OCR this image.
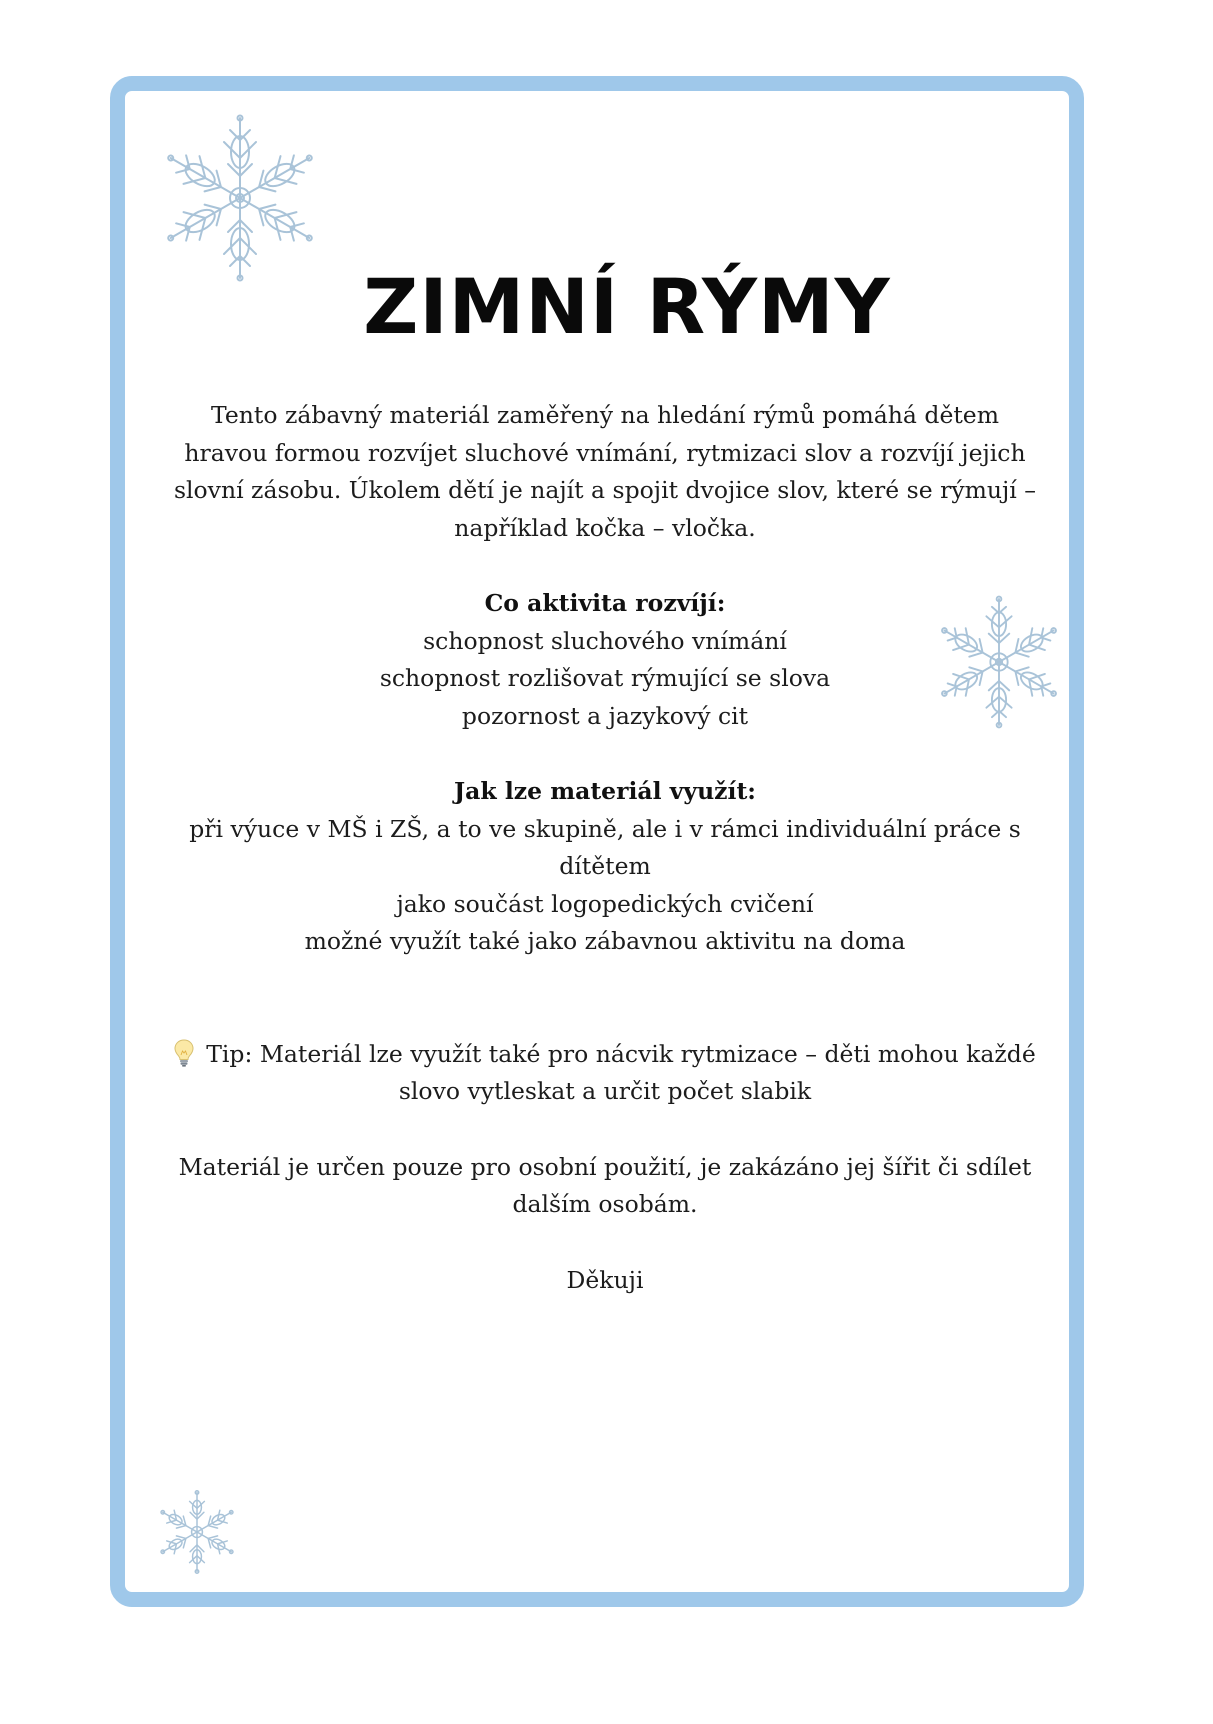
ZIMNÍ RÝMY

Tento zábavný materiál zaměřený na hledání rýmů pomáhá dětem

hravou formou rozvíjet sluchové vnímání, rytmizaci slov a rozvíjí jejich

slovní zásobu. Úkolem dětí je najít a spojit dvojice slov, které se rýmují –

například kočka – vločka.

Co aktivita rozvíjí:

schopnost sluchového vnímání

schopnost rozlišovat rýmující se slova

pozornost a jazykový cit

Jak lze materiál využít:

při výuce v MŠ i ZŠ, a to ve skupině, ale i v rámci individuální práce s

dítětem

jako součást logopedických cvičení

možné využít také jako zábavnou aktivitu na doma

Tip: Materiál lze využít také pro nácvik rytmizace – děti mohou každé

slovo vytleskat a určit počet slabik

Materiál je určen pouze pro osobní použití, je zakázáno jej šířit či sdílet

dalším osobám.

Děkuji
